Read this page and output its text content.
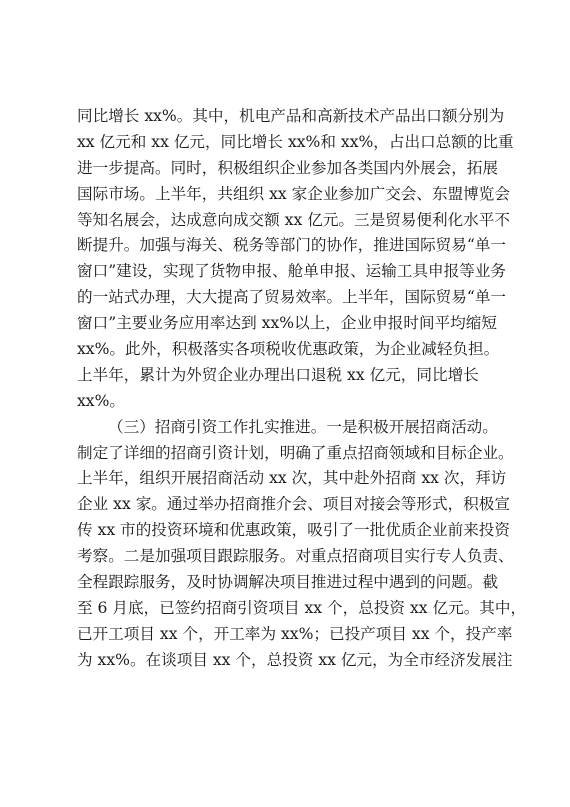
同比增长 xx%。其中，机电产品和高新技术产品出口额分别为
xx 亿元和 xx 亿元，同比增长 xx%和 xx%，占出口总额的比重
进一步提高。同时，积极组织企业参加各类国内外展会，拓展
国际市场。上半年，共组织 xx 家企业参加广交会、东盟博览会
等知名展会，达成意向成交额 xx 亿元。三是贸易便利化水平不
断提升。加强与海关、税务等部门的协作，推进国际贸易“单一
窗口”建设，实现了货物申报、舱单申报、运输工具申报等业务
的一站式办理，大大提高了贸易效率。上半年，国际贸易“单一
窗口”主要业务应用率达到 xx%以上，企业申报时间平均缩短
xx%。此外，积极落实各项税收优惠政策，为企业减轻负担。
上半年，累计为外贸企业办理出口退税 xx 亿元，同比增长
xx%。
（三）招商引资工作扎实推进。一是积极开展招商活动。
制定了详细的招商引资计划，明确了重点招商领域和目标企业。
上半年，组织开展招商活动 xx 次，其中赴外招商 xx 次，拜访
企业 xx 家。通过举办招商推介会、项目对接会等形式，积极宣
传 xx 市的投资环境和优惠政策，吸引了一批优质企业前来投资
考察。二是加强项目跟踪服务。对重点招商项目实行专人负责、
全程跟踪服务，及时协调解决项目推进过程中遇到的问题。截
至 6 月底，已签约招商引资项目 xx 个，总投资 xx 亿元。其中，
已开工项目 xx 个，开工率为 xx%；已投产项目 xx 个，投产率
为 xx%。在谈项目 xx 个，总投资 xx 亿元，为全市经济发展注
